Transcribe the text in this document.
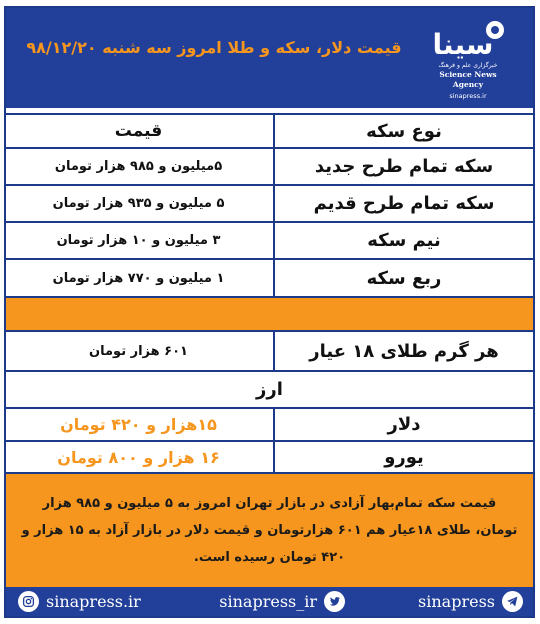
قیمت دلار، سکه و طلا امروز سه شنبه ۹۸/۱۲/۲۰	سینا
خبرگزاری علم و فرهنگ
Science News Agency
sinapress.ir
نوع سکه
قیمت
سکه تمام طرح جدید
۵میلیون و ۹۸۵ هزار تومان
سکه تمام طرح قدیم
۵ میلیون و ۹۳۵ هزار تومان
نیم سکه
۳ میلیون و ۱۰ هزار تومان
ربع سکه
۱ میلیون و ۷۷۰ هزار تومان
هر گرم طلای ۱۸ عیار
۶۰۱ هزار تومان
ارز
دلار
۱۵هزار و ۴۲۰ تومان
یورو
۱۶ هزار و ۸۰۰ تومان
قیمت سکه تمام‌بهار آزادی در بازار تهران امروز به ۵ میلیون و ۹۸۵ هزار تومان، طلای ۱۸عیار هم ۶۰۱ هزارتومان و قیمت دلار در بازار آزاد به ۱۵ هزار و ۴۲۰ تومان رسیده است.
sinapress
sinapress_ir
sinapress.ir
